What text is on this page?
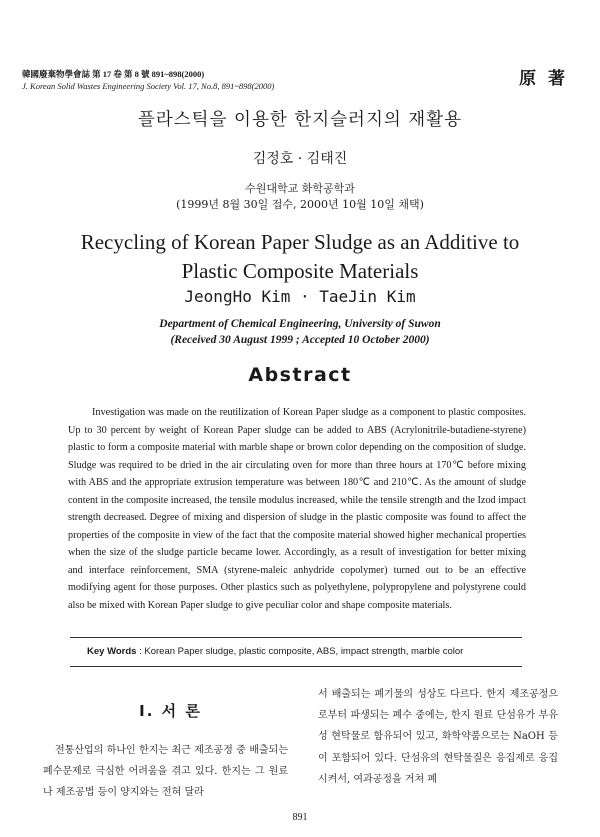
韓國廢棄物學會誌 第 17 卷 第 8 號 891~898(2000)
J. Korean Solid Wastes Engineering Society Vol. 17, No.8, 891~898(2000)	原 著
플라스틱을 이용한 한지슬러지의 재활용
김정호 · 김태진
수원대학교 화학공학과
(1999년 8월 30일 접수, 2000년 10월 10일 채택)
Recycling of Korean Paper Sludge as an Additive to
Plastic Composite Materials
JeongHo Kim · TaeJin Kim
Department of Chemical Engineering, University of Suwon
(Received 30 August 1999 ; Accepted 10 October 2000)
Abstract
Investigation was made on the reutilization of Korean Paper sludge as a component to plastic composites. Up to 30 percent by weight of Korean Paper sludge can be added to ABS (Acrylonitrile-butadiene-styrene) plastic to form a composite material with marble shape or brown color depending on the composition of sludge. Sludge was required to be dried in the air circulating oven for more than three hours at 170℃ before mixing with ABS and the appropriate extrusion temperature was between 180℃ and 210℃. As the amount of sludge content in the composite increased, the tensile modulus increased, while the tensile strength and the Izod impact strength decreased. Degree of mixing and dispersion of sludge in the plastic composite was found to affect the properties of the composite in view of the fact that the composite material showed higher mechanical properties when the size of the sludge particle became lower. Accordingly, as a result of investigation for better mixing and interface reinforcement, SMA (styrene-maleic anhydride copolymer) turned out to be an effective modifying agent for those purposes. Other plastics such as polyethylene, polypropylene and polystyrene could also be mixed with Korean Paper sludge to give peculiar color and shape composite materials.
Key Words : Korean Paper sludge, plastic composite, ABS, impact strength, marble color
Ⅰ. 서 론
전통산업의 하나인 한지는 최근 제조공정 중 배출되는 폐수문제로 극심한 어려움을 겪고 있다. 한지는 그 원료나 제조공법 등이 양지와는 전혀 달라
서 배출되는 폐기물의 성상도 다르다. 한지 제조공정으로부터 파생되는 폐수 중에는, 한지 원료 단섬유가 부유성 현탁물로 함유되어 있고, 화학약품으로는 NaOH 등이 포함되어 있다. 단섬유의 현탁물질은 응집제로 응집시켜서, 여과공정을 거쳐 폐
891
